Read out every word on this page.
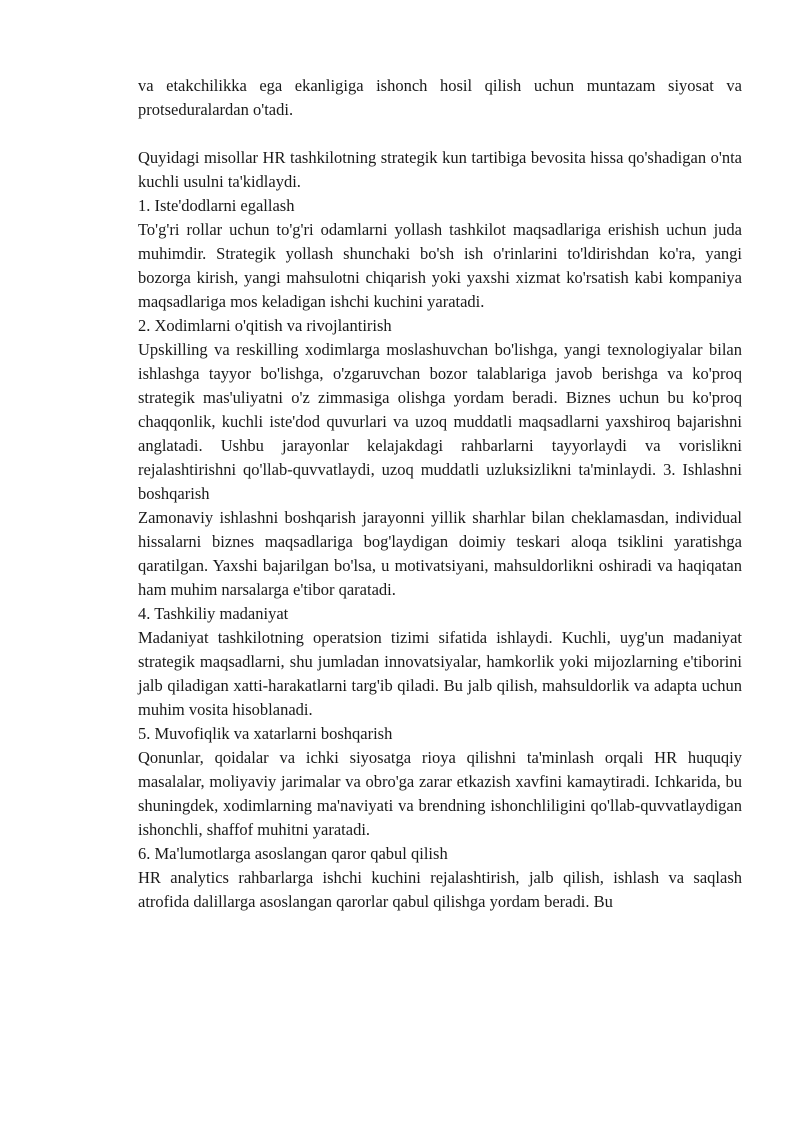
va etakchilikka ega ekanligiga ishonch hosil qilish uchun muntazam siyosat va protseduralardan o'tadi.

Quyidagi misollar HR tashkilotning strategik kun tartibiga bevosita hissa qo'shadigan o'nta kuchli usulni ta'kidlaydi.

1. Iste'dodlarni egallash

To'g'ri rollar uchun to'g'ri odamlarni yollash tashkilot maqsadlariga erishish uchun juda muhimdir. Strategik yollash shunchaki bo'sh ish o'rinlarini to'ldirishdan ko'ra, yangi bozorga kirish, yangi mahsulotni chiqarish yoki yaxshi xizmat ko'rsatish kabi kompaniya maqsadlariga mos keladigan ishchi kuchini yaratadi.

2. Xodimlarni o'qitish va rivojlantirish

Upskilling va reskilling xodimlarga moslashuvchan bo'lishga, yangi texnologiyalar bilan ishlashga tayyor bo'lishga, o'zgaruvchan bozor talablariga javob berishga va ko'proq strategik mas'uliyatni o'z zimmasiga olishga yordam beradi. Biznes uchun bu ko'proq chaqqonlik, kuchli iste'dod quvurlari va uzoq muddatli maqsadlarni yaxshiroq bajarishni anglatadi. Ushbu jarayonlar kelajakdagi rahbarlarni tayyorlaydi va vorislikni rejalashtirishni qo'llab-quvvatlaydi, uzoq muddatli uzluksizlikni ta'minlaydi. 3. Ishlashni boshqarish

Zamonaviy ishlashni boshqarish jarayonni yillik sharhlar bilan cheklamasdan, individual hissalarni biznes maqsadlariga bog'laydigan doimiy teskari aloqa tsiklini yaratishga qaratilgan. Yaxshi bajarilgan bo'lsa, u motivatsiyani, mahsuldorlikni oshiradi va haqiqatan ham muhim narsalarga e'tibor qaratadi.

4. Tashkiliy madaniyat

Madaniyat tashkilotning operatsion tizimi sifatida ishlaydi. Kuchli, uyg'un madaniyat strategik maqsadlarni, shu jumladan innovatsiyalar, hamkorlik yoki mijozlarning e'tiborini jalb qiladigan xatti-harakatlarni targ'ib qiladi. Bu jalb qilish, mahsuldorlik va adapta uchun muhim vosita hisoblanadi.

5. Muvofiqlik va xatarlarni boshqarish

Qonunlar, qoidalar va ichki siyosatga rioya qilishni ta'minlash orqali HR huquqiy masalalar, moliyaviy jarimalar va obro'ga zarar etkazish xavfini kamaytiradi. Ichkarida, bu shuningdek, xodimlarning ma'naviyati va brendning ishonchliligini qo'llab-quvvatlaydigan ishonchli, shaffof muhitni yaratadi.

6. Ma'lumotlarga asoslangan qaror qabul qilish

HR analytics rahbarlarga ishchi kuchini rejalashtirish, jalb qilish, ishlash va saqlash atrofida dalillarga asoslangan qarorlar qabul qilishga yordam beradi. Bu
